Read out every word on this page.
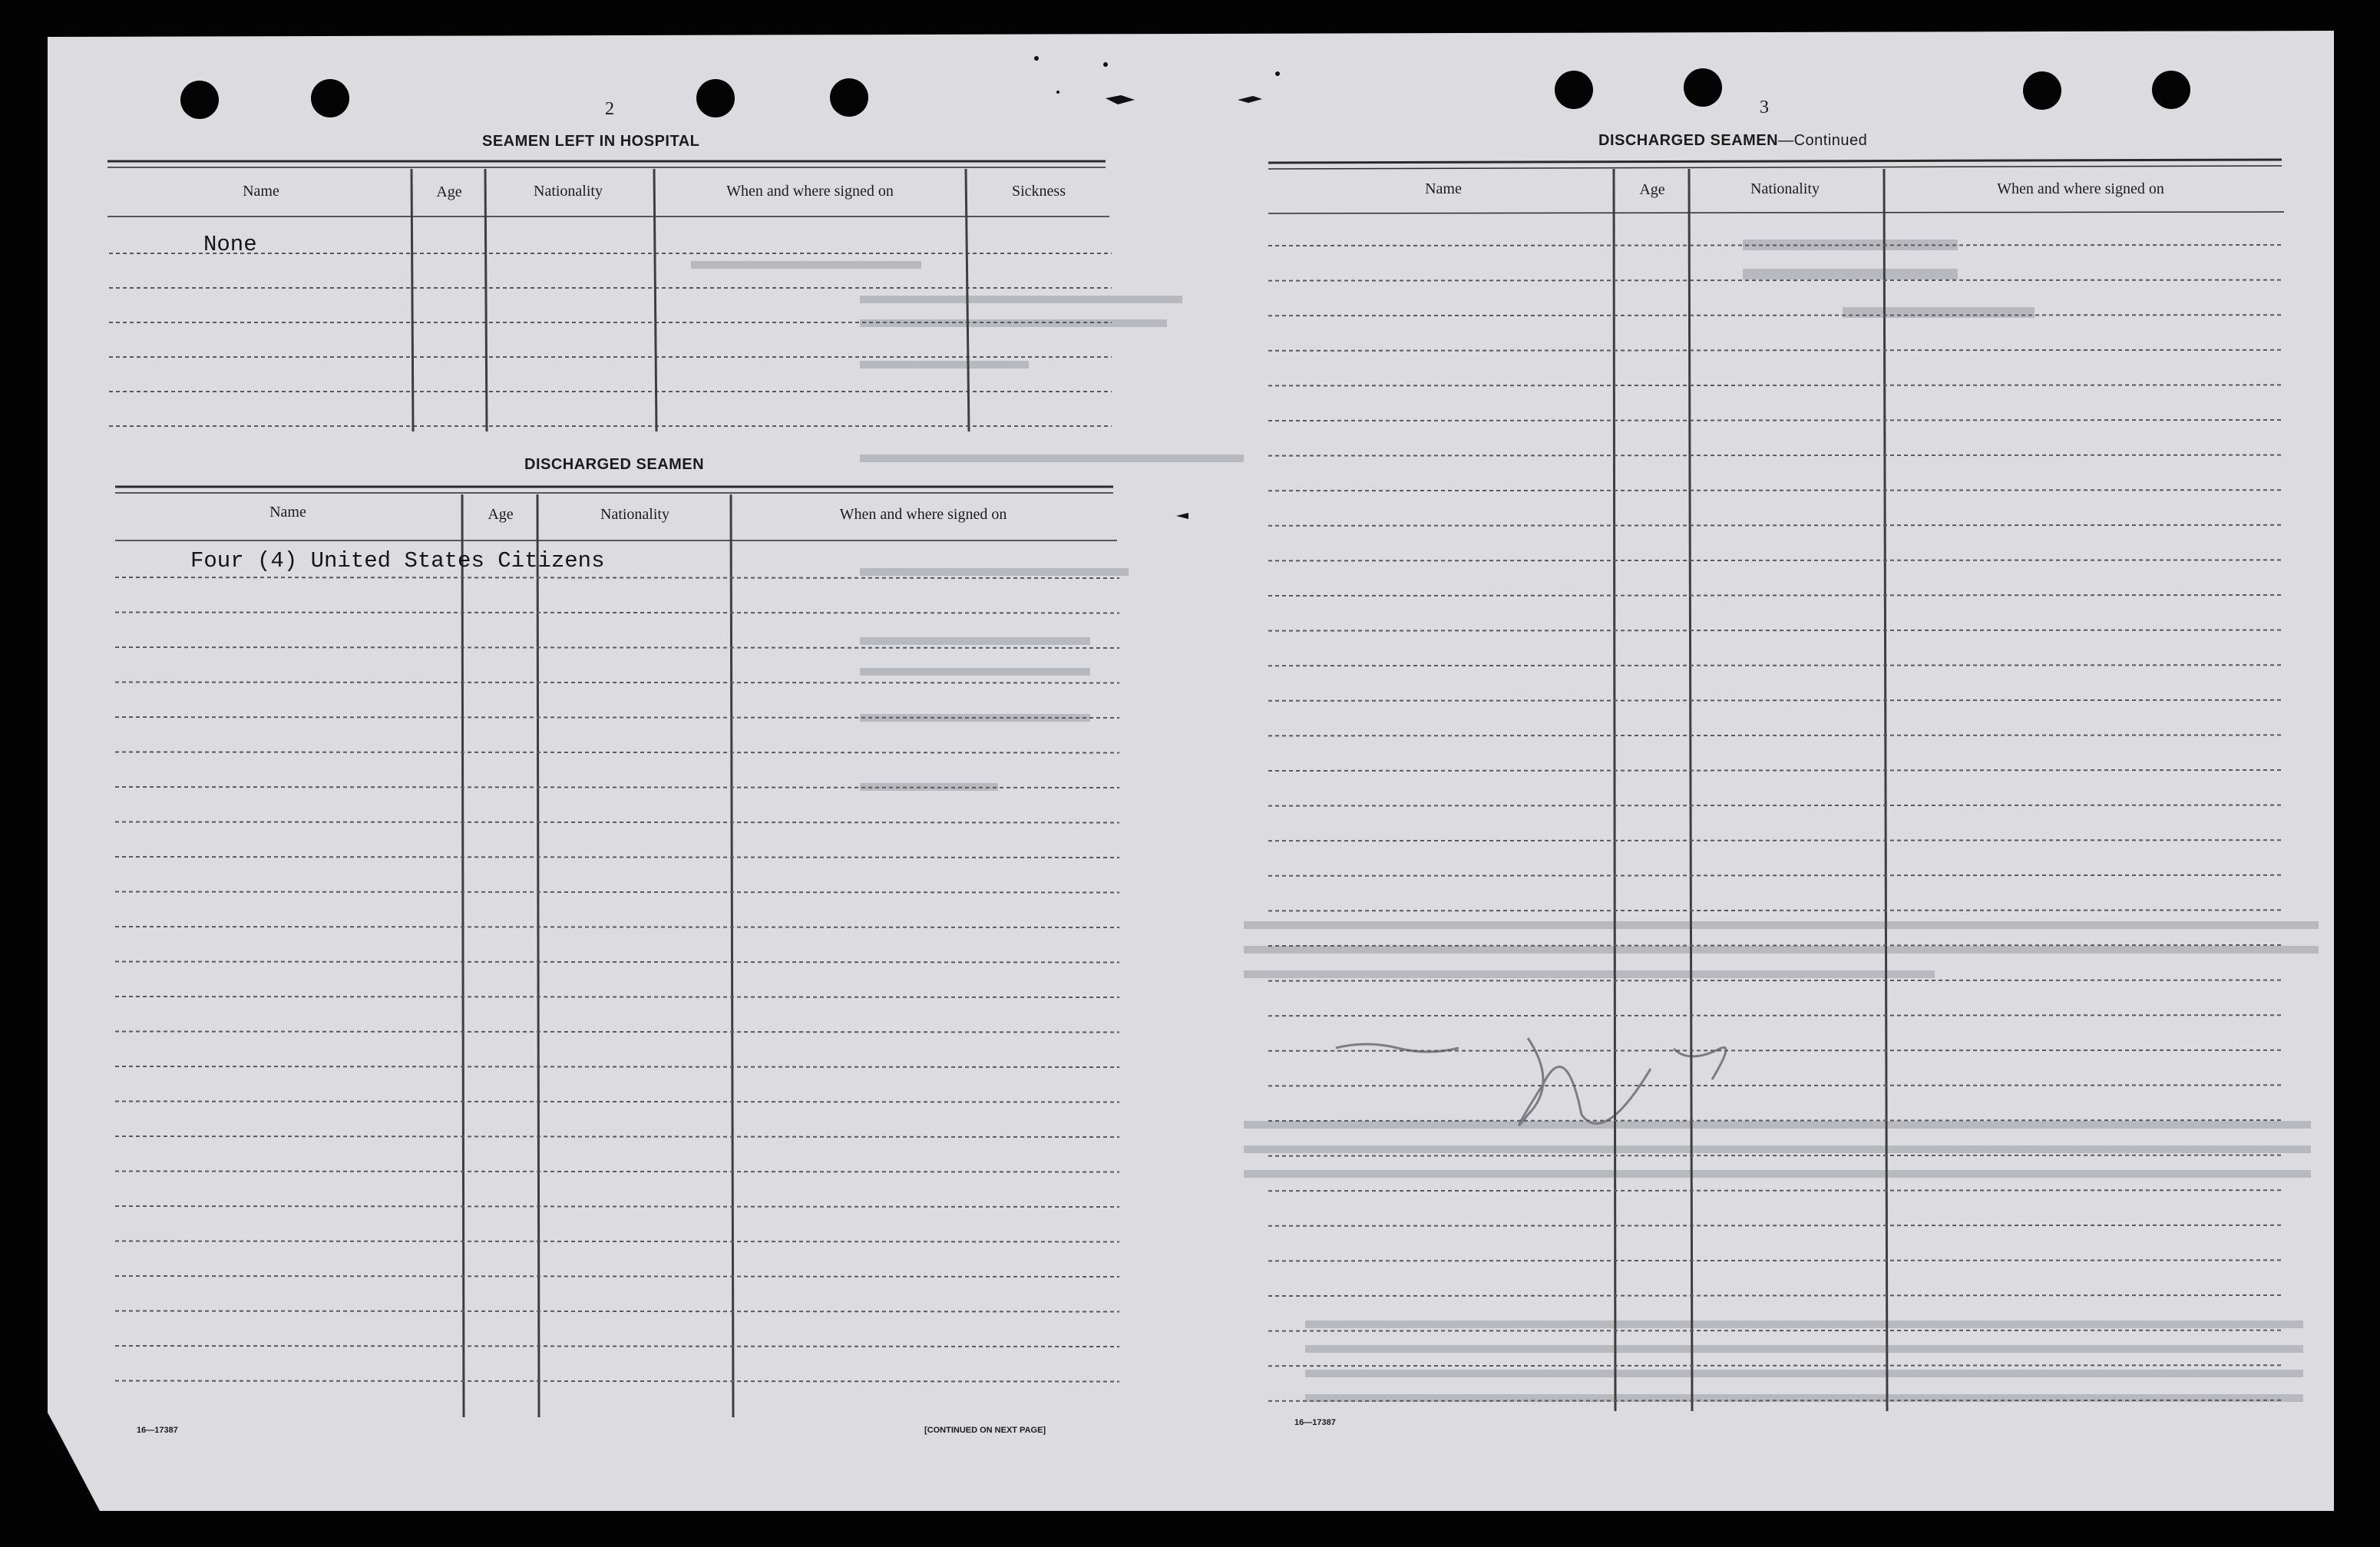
2
SEAMEN LEFT IN HOSPITAL
Name	Age	Nationality	When and where signed on	Sickness
None
DISCHARGED SEAMEN
Name	Age	Nationality	When and where signed on
Four (4) United States Citizens
16—17387	[CONTINUED ON NEXT PAGE]
3
DISCHARGED SEAMEN—Continued
Name	Age	Nationality	When and where signed on
16—17387
